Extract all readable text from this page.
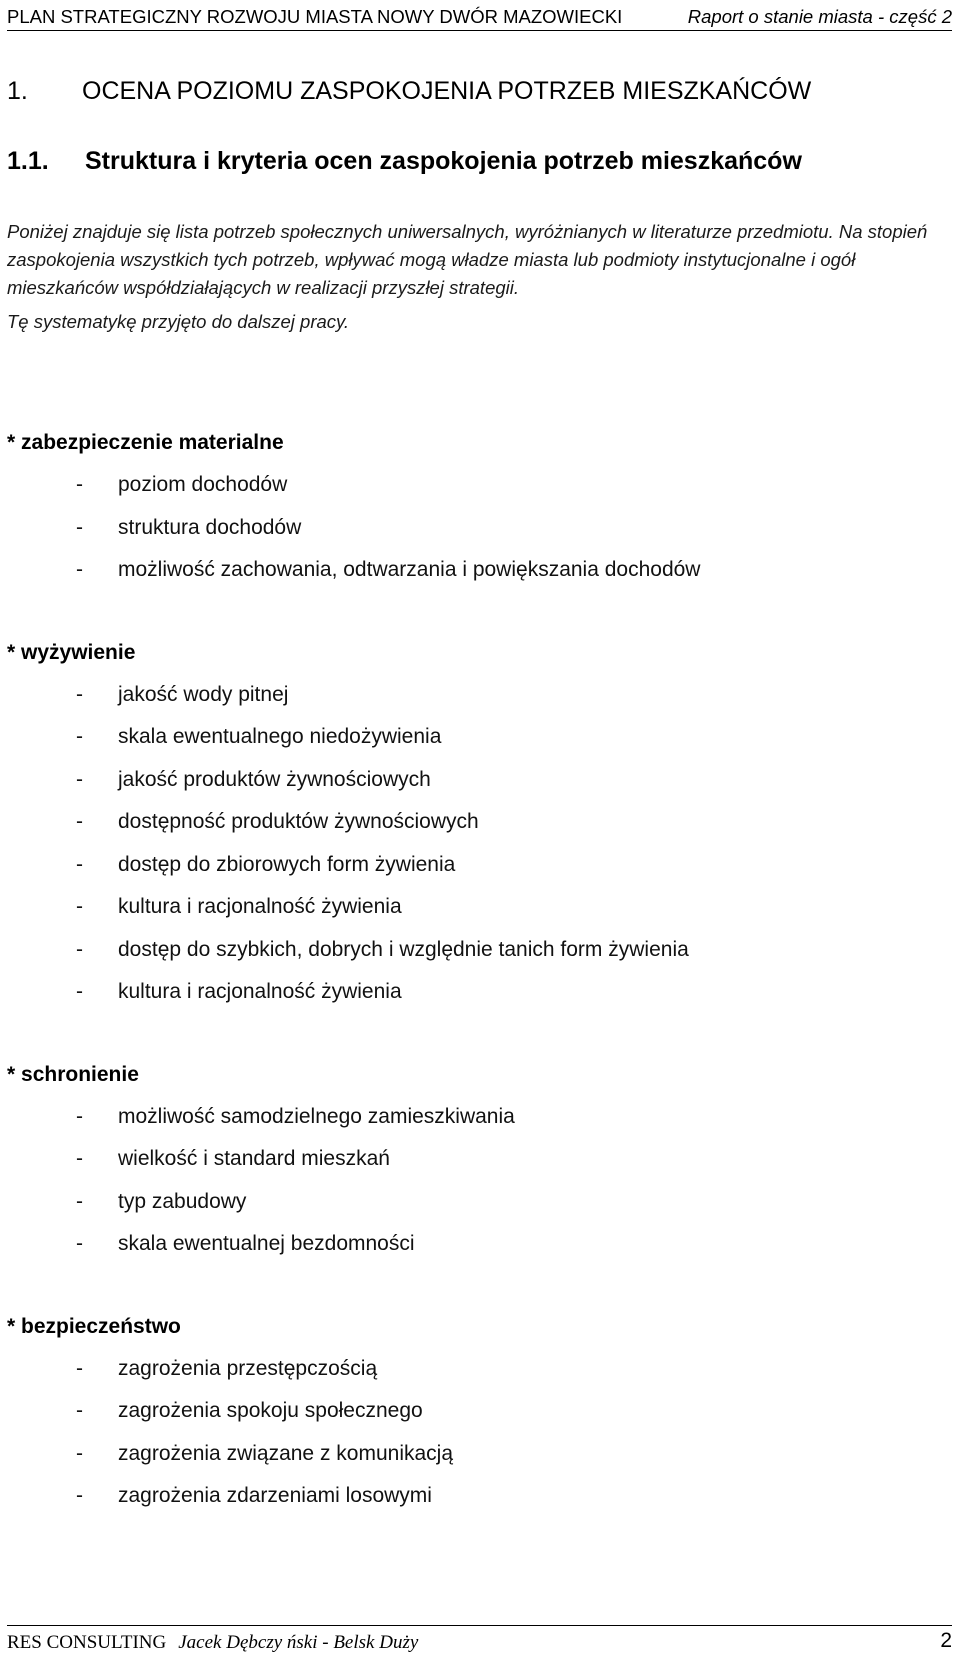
PLAN STRATEGICZNY ROZWOJU MIASTA NOWY DWÓR MAZOWIECKI	Raport o stanie miasta - część 2
1. OCENA POZIOMU ZASPOKOJENIA POTRZEB MIESZKAŃCÓW
1.1. Struktura i kryteria ocen zaspokojenia potrzeb mieszkańców

Poniżej znajduje się lista potrzeb społecznych uniwersalnych, wyróżnianych w literaturze przedmiotu. Na stopień zaspokojenia wszystkich tych potrzeb, wpływać mogą władze miasta lub podmioty instytucjonalne i ogół mieszkańców współdziałających w realizacji przyszłej strategii.

Tę systematykę przyjęto do dalszej pracy.

* zabezpieczenie materialne
- poziom dochodów
- struktura dochodów
- możliwość zachowania, odtwarzania i powiększania dochodów
* wyżywienie
- jakość wody pitnej
- skala ewentualnego niedożywienia
- jakość produktów żywnościowych
- dostępność produktów żywnościowych
- dostęp do zbiorowych form żywienia
- kultura i racjonalność żywienia
- dostęp do szybkich, dobrych i względnie tanich form żywienia
- kultura i racjonalność żywienia
* schronienie
- możliwość samodzielnego zamieszkiwania
- wielkość i standard mieszkań
- typ zabudowy
- skala ewentualnej bezdomności
* bezpieczeństwo
- zagrożenia przestępczością
- zagrożenia spokoju społecznego
- zagrożenia związane z komunikacją
- zagrożenia zdarzeniami losowymi
RES CONSULTING Jacek Dębczy ński - Belsk Duży	2
